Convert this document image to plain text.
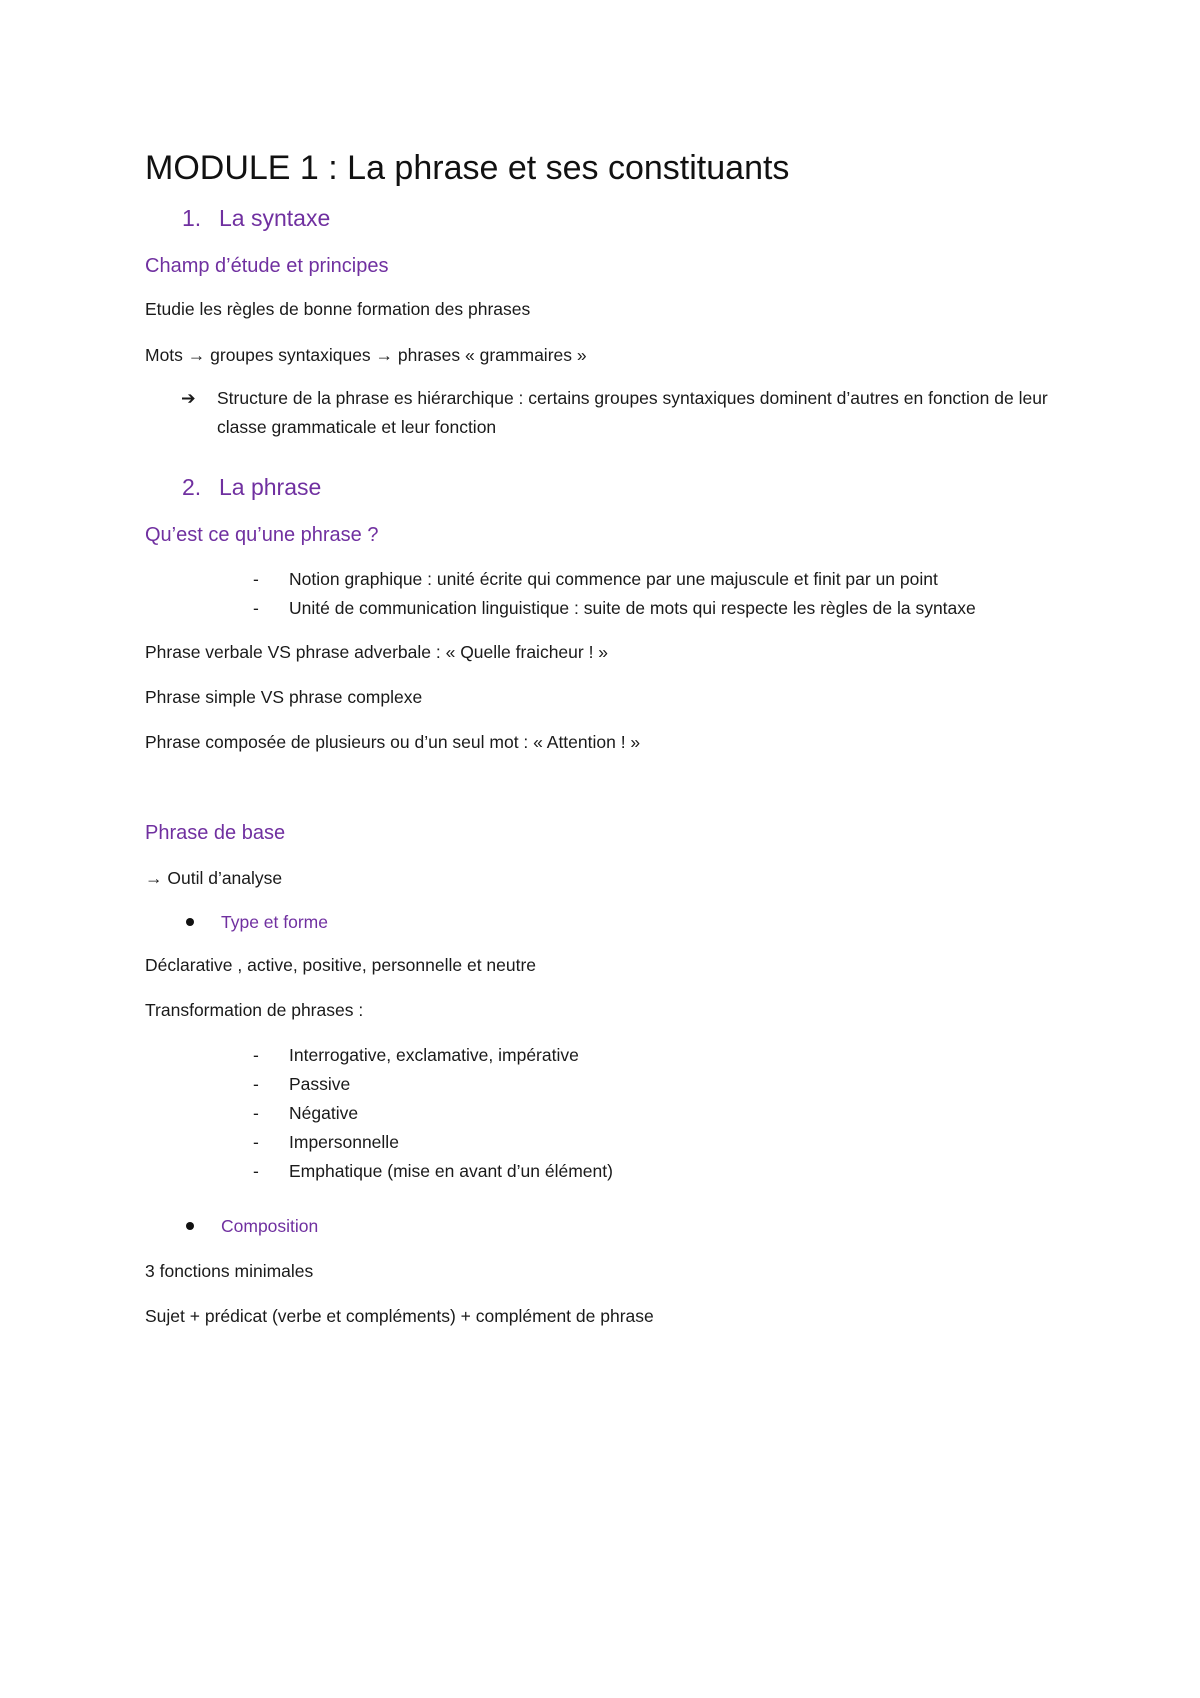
MODULE 1 : La phrase et ses constituants
1. La syntaxe
Champ d’étude et principes

Etudie les règles de bonne formation des phrases

Mots → groupes syntaxiques → phrases « grammaires »

➔	Structure de la phrase es hiérarchique : certains groupes syntaxiques dominent d’autres en fonction de leur classe grammaticale et leur fonction
2. La phrase
Qu’est ce qu’une phrase ?
-	Notion graphique : unité écrite qui commence par une majuscule et finit par un point
-	Unité de communication linguistique : suite de mots qui respecte les règles de la syntaxe

Phrase verbale VS phrase adverbale : « Quelle fraicheur ! »

Phrase simple VS phrase complexe

Phrase composée de plusieurs ou d’un seul mot : « Attention ! »

Phrase de base

→ Outil d’analyse

Type et forme

Déclarative , active, positive, personnelle et neutre

Transformation de phrases :

-	Interrogative, exclamative, impérative
-	Passive
-	Négative
-	Impersonnelle
-	Emphatique (mise en avant d’un élément)
Composition

3 fonctions minimales

Sujet + prédicat (verbe et compléments) + complément de phrase
